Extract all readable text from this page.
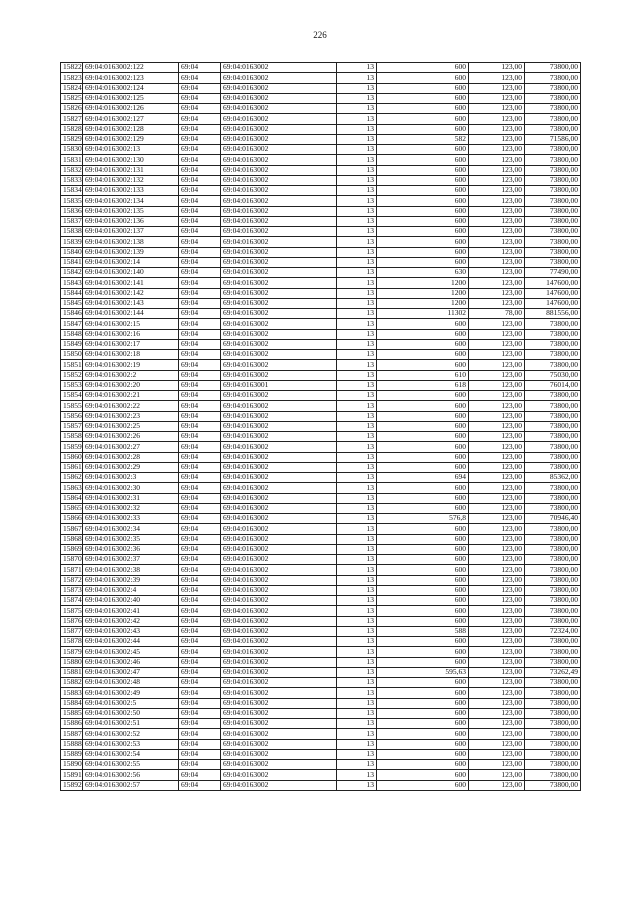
226
15822	69:04:0163002:122	69:04	69:04:0163002	13	600	123,00	73800,00
15823	69:04:0163002:123	69:04	69:04:0163002	13	600	123,00	73800,00
15824	69:04:0163002:124	69:04	69:04:0163002	13	600	123,00	73800,00
15825	69:04:0163002:125	69:04	69:04:0163002	13	600	123,00	73800,00
15826	69:04:0163002:126	69:04	69:04:0163002	13	600	123,00	73800,00
15827	69:04:0163002:127	69:04	69:04:0163002	13	600	123,00	73800,00
15828	69:04:0163002:128	69:04	69:04:0163002	13	600	123,00	73800,00
15829	69:04:0163002:129	69:04	69:04:0163002	13	582	123,00	71586,00
15830	69:04:0163002:13	69:04	69:04:0163002	13	600	123,00	73800,00
15831	69:04:0163002:130	69:04	69:04:0163002	13	600	123,00	73800,00
15832	69:04:0163002:131	69:04	69:04:0163002	13	600	123,00	73800,00
15833	69:04:0163002:132	69:04	69:04:0163002	13	600	123,00	73800,00
15834	69:04:0163002:133	69:04	69:04:0163002	13	600	123,00	73800,00
15835	69:04:0163002:134	69:04	69:04:0163002	13	600	123,00	73800,00
15836	69:04:0163002:135	69:04	69:04:0163002	13	600	123,00	73800,00
15837	69:04:0163002:136	69:04	69:04:0163002	13	600	123,00	73800,00
15838	69:04:0163002:137	69:04	69:04:0163002	13	600	123,00	73800,00
15839	69:04:0163002:138	69:04	69:04:0163002	13	600	123,00	73800,00
15840	69:04:0163002:139	69:04	69:04:0163002	13	600	123,00	73800,00
15841	69:04:0163002:14	69:04	69:04:0163002	13	600	123,00	73800,00
15842	69:04:0163002:140	69:04	69:04:0163002	13	630	123,00	77490,00
15843	69:04:0163002:141	69:04	69:04:0163002	13	1200	123,00	147600,00
15844	69:04:0163002:142	69:04	69:04:0163002	13	1200	123,00	147600,00
15845	69:04:0163002:143	69:04	69:04:0163002	13	1200	123,00	147600,00
15846	69:04:0163002:144	69:04	69:04:0163002	13	11302	78,00	881556,00
15847	69:04:0163002:15	69:04	69:04:0163002	13	600	123,00	73800,00
15848	69:04:0163002:16	69:04	69:04:0163002	13	600	123,00	73800,00
15849	69:04:0163002:17	69:04	69:04:0163002	13	600	123,00	73800,00
15850	69:04:0163002:18	69:04	69:04:0163002	13	600	123,00	73800,00
15851	69:04:0163002:19	69:04	69:04:0163002	13	600	123,00	73800,00
15852	69:04:0163002:2	69:04	69:04:0163002	13	610	123,00	75030,00
15853	69:04:0163002:20	69:04	69:04:0163001	13	618	123,00	76014,00
15854	69:04:0163002:21	69:04	69:04:0163002	13	600	123,00	73800,00
15855	69:04:0163002:22	69:04	69:04:0163002	13	600	123,00	73800,00
15856	69:04:0163002:23	69:04	69:04:0163002	13	600	123,00	73800,00
15857	69:04:0163002:25	69:04	69:04:0163002	13	600	123,00	73800,00
15858	69:04:0163002:26	69:04	69:04:0163002	13	600	123,00	73800,00
15859	69:04:0163002:27	69:04	69:04:0163002	13	600	123,00	73800,00
15860	69:04:0163002:28	69:04	69:04:0163002	13	600	123,00	73800,00
15861	69:04:0163002:29	69:04	69:04:0163002	13	600	123,00	73800,00
15862	69:04:0163002:3	69:04	69:04:0163002	13	694	123,00	85362,00
15863	69:04:0163002:30	69:04	69:04:0163002	13	600	123,00	73800,00
15864	69:04:0163002:31	69:04	69:04:0163002	13	600	123,00	73800,00
15865	69:04:0163002:32	69:04	69:04:0163002	13	600	123,00	73800,00
15866	69:04:0163002:33	69:04	69:04:0163002	13	576,8	123,00	70946,40
15867	69:04:0163002:34	69:04	69:04:0163002	13	600	123,00	73800,00
15868	69:04:0163002:35	69:04	69:04:0163002	13	600	123,00	73800,00
15869	69:04:0163002:36	69:04	69:04:0163002	13	600	123,00	73800,00
15870	69:04:0163002:37	69:04	69:04:0163002	13	600	123,00	73800,00
15871	69:04:0163002:38	69:04	69:04:0163002	13	600	123,00	73800,00
15872	69:04:0163002:39	69:04	69:04:0163002	13	600	123,00	73800,00
15873	69:04:0163002:4	69:04	69:04:0163002	13	600	123,00	73800,00
15874	69:04:0163002:40	69:04	69:04:0163002	13	600	123,00	73800,00
15875	69:04:0163002:41	69:04	69:04:0163002	13	600	123,00	73800,00
15876	69:04:0163002:42	69:04	69:04:0163002	13	600	123,00	73800,00
15877	69:04:0163002:43	69:04	69:04:0163002	13	588	123,00	72324,00
15878	69:04:0163002:44	69:04	69:04:0163002	13	600	123,00	73800,00
15879	69:04:0163002:45	69:04	69:04:0163002	13	600	123,00	73800,00
15880	69:04:0163002:46	69:04	69:04:0163002	13	600	123,00	73800,00
15881	69:04:0163002:47	69:04	69:04:0163002	13	595,63	123,00	73262,49
15882	69:04:0163002:48	69:04	69:04:0163002	13	600	123,00	73800,00
15883	69:04:0163002:49	69:04	69:04:0163002	13	600	123,00	73800,00
15884	69:04:0163002:5	69:04	69:04:0163002	13	600	123,00	73800,00
15885	69:04:0163002:50	69:04	69:04:0163002	13	600	123,00	73800,00
15886	69:04:0163002:51	69:04	69:04:0163002	13	600	123,00	73800,00
15887	69:04:0163002:52	69:04	69:04:0163002	13	600	123,00	73800,00
15888	69:04:0163002:53	69:04	69:04:0163002	13	600	123,00	73800,00
15889	69:04:0163002:54	69:04	69:04:0163002	13	600	123,00	73800,00
15890	69:04:0163002:55	69:04	69:04:0163002	13	600	123,00	73800,00
15891	69:04:0163002:56	69:04	69:04:0163002	13	600	123,00	73800,00
15892	69:04:0163002:57	69:04	69:04:0163002	13	600	123,00	73800,00
